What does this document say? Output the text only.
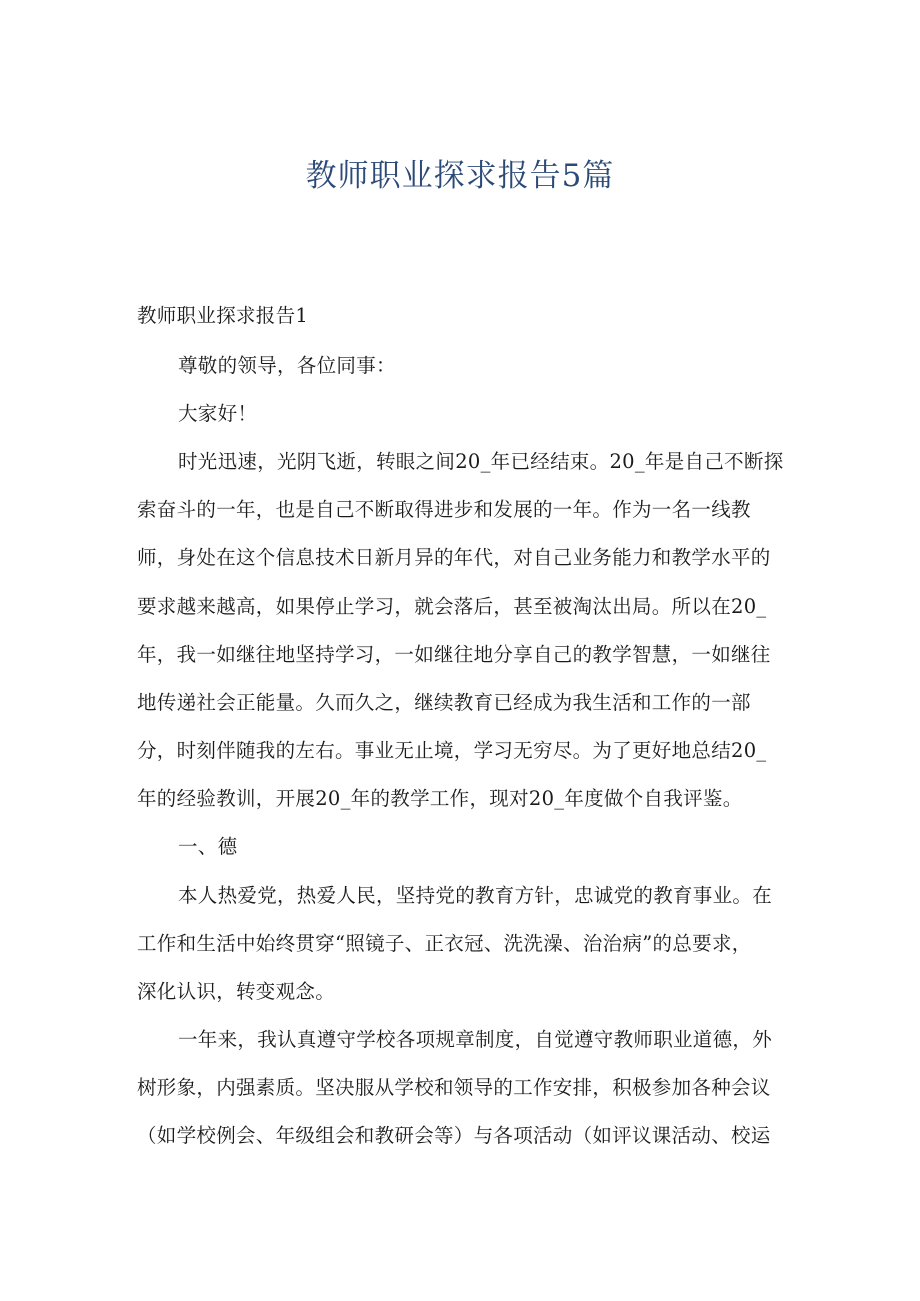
教师职业探求报告5篇
教师职业探求报告1
尊敬的领导，各位同事：
大家好！
时光迅速，光阴飞逝，转眼之间20_年已经结束。20_年是自己不断探
索奋斗的一年，也是自己不断取得进步和发展的一年。作为一名一线教
师，身处在这个信息技术日新月异的年代，对自己业务能力和教学水平的
要求越来越高，如果停止学习，就会落后，甚至被淘汰出局。所以在20_
年，我一如继往地坚持学习，一如继往地分享自己的教学智慧，一如继往
地传递社会正能量。久而久之，继续教育已经成为我生活和工作的一部
分，时刻伴随我的左右。事业无止境，学习无穷尽。为了更好地总结20_
年的经验教训，开展20_年的教学工作，现对20_年度做个自我评鉴。
一、德
本人热爱党，热爱人民，坚持党的教育方针，忠诚党的教育事业。在
工作和生活中始终贯穿“照镜子、正衣冠、洗洗澡、治治病”的总要求，
深化认识，转变观念。
一年来，我认真遵守学校各项规章制度，自觉遵守教师职业道德，外
树形象，内强素质。坚决服从学校和领导的工作安排，积极参加各种会议
（如学校例会、年级组会和教研会等）与各项活动（如评议课活动、校运
